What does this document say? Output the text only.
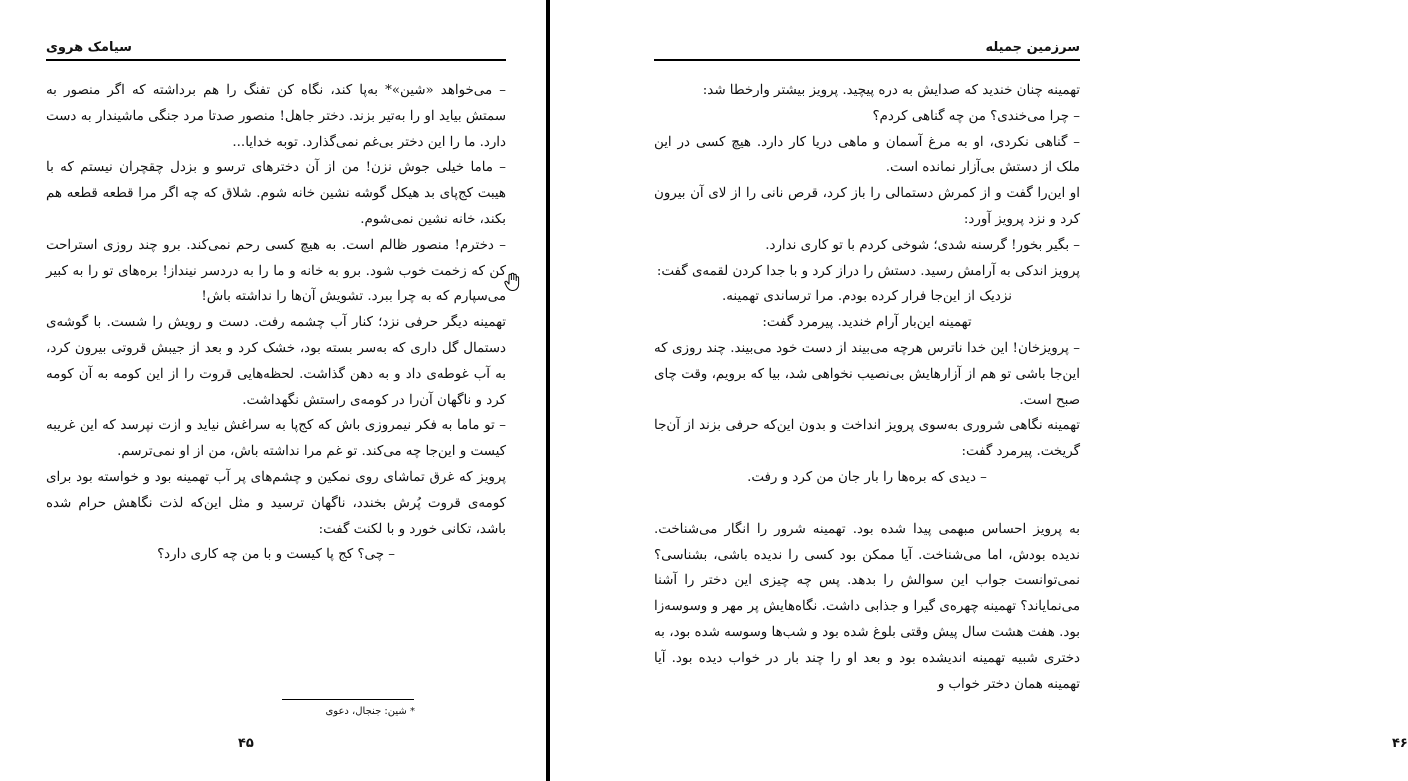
سیامک هروی

– می‌خواهد «شین»* به‌پا کند، نگاه کن تفنگ را هم برداشته که اگر منصور به سمتش بیاید او را به‌تیر بزند. دختر جاهل! منصور صدتا مرد جنگی ماشیندار به دست دارد. ما را این دختر بی‌غم نمی‌گذارد. توبه خدایا...

– ماما خیلی جوش نزن! من از آن دخترهای ترسو و بزدل چقچران نیستم که با هیبت کج‌پای بد هیکل گوشه نشین خانه شوم. شلاق که چه اگر مرا قطعه قطعه هم بکند، خانه نشین نمی‌شوم.

– دخترم! منصور ظالم است. به هیچ کسی رحم نمی‌کند. برو چند روزی استراحت کن که زخمت خوب شود. برو به خانه و ما را به دردسر نینداز! بره‌های تو را به کبیر می‌سپارم که به چرا ببرد. تشویش آن‌ها را نداشته باش!

تهمینه دیگر حرفی نزد؛ کنار آب چشمه رفت. دست و رویش را شست. با گوشه‌ی دستمال گل داری که به‌سر بسته بود، خشک کرد و بعد از جیبش قروتی بیرون کرد، به آب غوطه‌ی داد و به دهن گذاشت. لحظه‌هایی قروت را از این کومه به آن کومه کرد و ناگهان آن‌را در کومه‌ی راستش نگهداشت.

– تو ماما به فکر نیمروزی باش که کج‌پا به سراغش نیاید و ازت نپرسد که این غریبه کیست و این‌جا چه می‌کند. تو غم مرا نداشته باش، من از او نمی‌ترسم.

پرویز که غرق تماشای روی نمکین و چشم‌های پر آب تهمینه بود و خواسته بود برای کومه‌ی قروت پُرش بخندد، ناگهان ترسید و مثل این‌که لذت نگاهش حرام شده باشد، تکانی خورد و با لکنت گفت:

– چی؟ کج پا کیست و با من چه کاری دارد؟

* شین: جنجال، دعوی
۴۵
سرزمین جمیله

تهمینه چنان خندید که صدایش به دره پیچید. پرویز بیشتر وارخطا شد:

– چرا می‌خندی؟ من چه گناهی کردم؟

– گناهی نکردی، او به مرغ آسمان و ماهی دریا کار دارد. هیچ کسی در این ملک از دستش بی‌آزار نمانده است.

او این‌را گفت و از کمرش دستمالی را باز کرد، قرص نانی را از لای آن بیرون کرد و نزد پرویز آورد:

– بگیر بخور! گرسنه شدی؛ شوخی کردم با تو کاری ندارد.

پرویز اندکی به آرامش رسید. دستش را دراز کرد و با جدا کردن لقمه‌ی گفت:

نزدیک از این‌جا فرار کرده بودم. مرا ترساندی تهمینه.

تهمینه این‌بار آرام خندید. پیرمرد گفت:

– پرویزخان! این خدا ناترس هرچه می‌بیند از دست خود می‌بیند. چند روزی که این‌جا باشی تو هم از آزارهایش بی‌نصیب نخواهی شد، بیا که برویم، وقت چای صبح است.

تهمینه نگاهی شروری به‌سوی پرویز انداخت و بدون این‌که حرفی بزند از آن‌جا گریخت. پیرمرد گفت:

– دیدی که بره‌ها را بار جان من کرد و رفت.

به پرویز احساس مبهمی پیدا شده بود. تهمینه شرور را انگار می‌شناخت. ندیده بودش، اما می‌شناخت. آیا ممکن بود کسی را ندیده باشی، بشناسی؟ نمی‌توانست جواب این سوالش را بدهد. پس چه چیزی این دختر را آشنا می‌نمایاند؟ تهمینه چهره‌ی گیرا و جذابی داشت. نگاه‌هایش پر مهر و وسوسه‌زا بود. هفت هشت سال پیش وقتی بلوغ شده بود و شب‌ها وسوسه شده بود، به دختری شبیه تهمینه اندیشده بود و بعد او را چند بار در خواب دیده بود. آیا تهمینه همان دختر خواب و

۴۶
